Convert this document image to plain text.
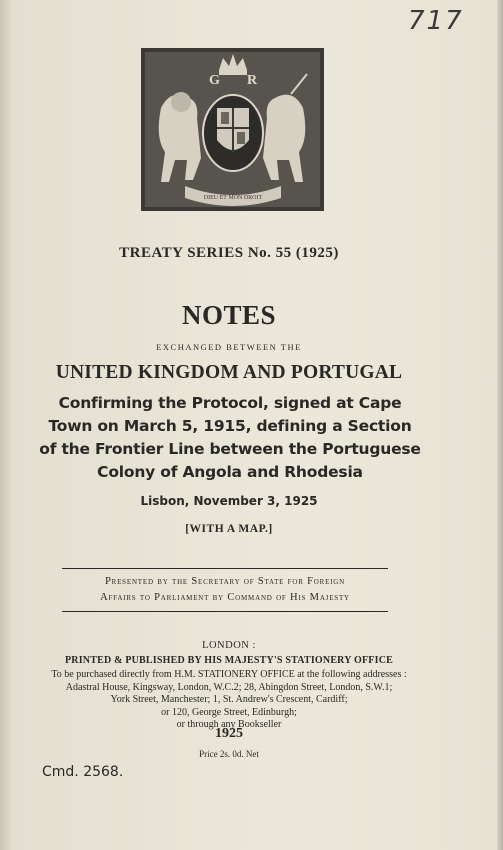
717
G R
DIEU ET MON DROIT
TREATY SERIES No. 55 (1925)
NOTES
EXCHANGED BETWEEN THE
UNITED KINGDOM AND PORTUGAL
Confirming the Protocol, signed at Cape
Town on March 5, 1915, defining a Section
of the Frontier Line between the Portuguese
Colony of Angola and Rhodesia
Lisbon, November 3, 1925
[WITH A MAP.]
Presented by the Secretary of State for Foreign
Affairs to Parliament by Command of His Majesty
LONDON :
PRINTED & PUBLISHED BY HIS MAJESTY'S STATIONERY OFFICE
To be purchased directly from H.M. STATIONERY OFFICE at the following addresses :
Adastral House, Kingsway, London, W.C.2; 28, Abingdon Street, London, S.W.1;
York Street, Manchester; 1, St. Andrew's Crescent, Cardiff;
or 120, George Street, Edinburgh;
or through any Bookseller
1925
Price 2s. 0d. Net
Cmd. 2568.
